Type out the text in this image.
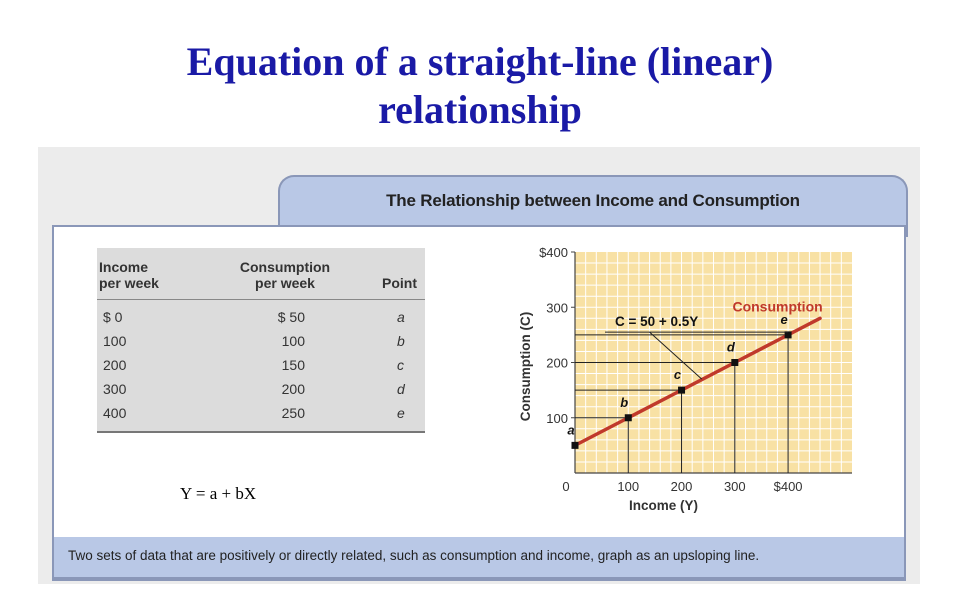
Equation of a straight-line (linear)
relationship
The Relationship between Income and Consumption
Two sets of data that are positively or directly related, such as consumption and income, graph as an upsloping line.
Income
per week
Consumption
per week	Point
$ 0	$ 50	a
100	100	b
200	150	c
300	200	d
400	250	e
Y = a + bX
100
200
300
$400
0	100 200 300 $400
Income (Y)
Consumption (C)
Consumption
a
b
c
d
e
C = 50 + 0.5Y
